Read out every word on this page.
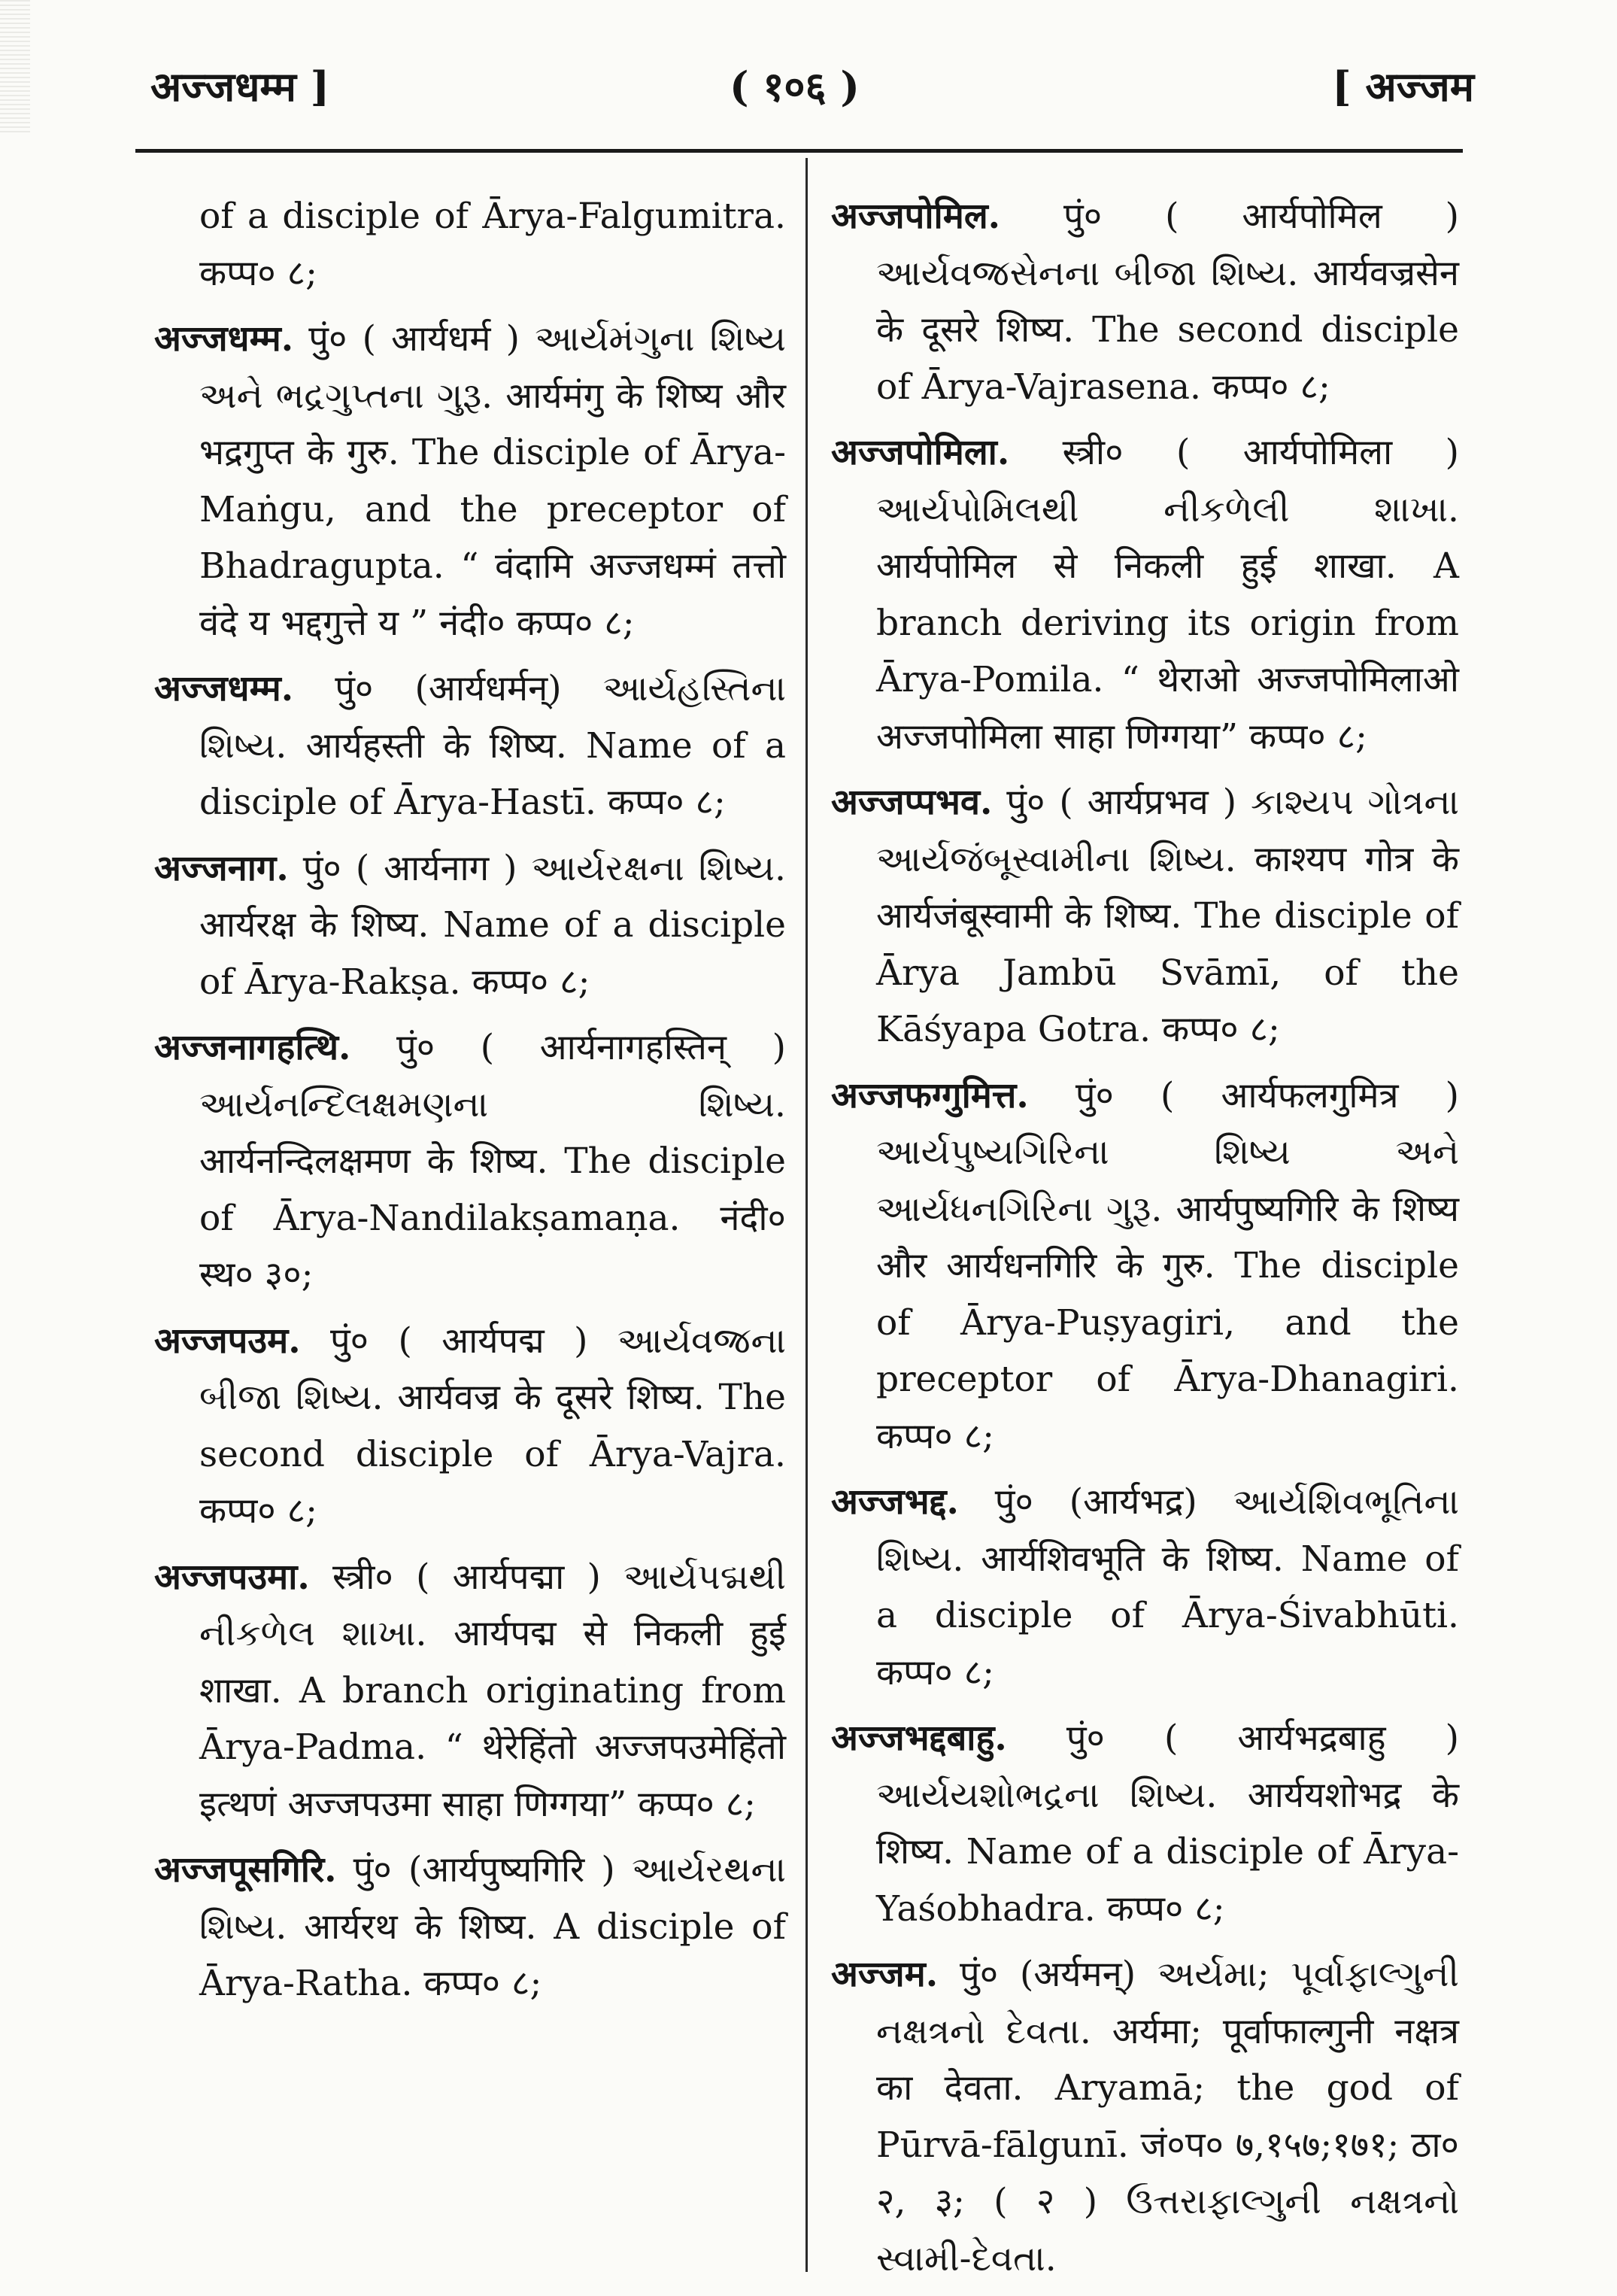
अज्जधम्म ]	( १०६ )	[ अज्जम

of a disciple of Ārya-Falgumitra. कप्प० ८;

अज्जधम्म. पुं० ( आर्यधर्म ) આર્યમંગુના શિષ્ય અને ભદ્રગુપ્તના ગુરૂ. आर्यमंगु के शिष्य और भद्रगुप्त के गुरु. The disciple of Ārya-Maṅgu, and the preceptor of Bhadragupta. “ वंदामि अज्जधम्मं तत्तो वंदे य भद्दगुत्ते य ” नंदी० कप्प० ८;

अज्जधम्म. पुं० (आर्यधर्मन्) આર્યહસ્તિના શિષ્ય. आर्यहस्ती के शिष्य. Name of a disciple of Ārya-Hastī. कप्प० ८;

अज्जनाग. पुं० ( आर्यनाग ) આર્યરક્ષના શિષ્ય. आर्यरक्ष के शिष्य. Name of a disciple of Ārya-Rakṣa. कप्प० ८;

अज्जनागहत्थि. पुं० ( आर्यनागहस्तिन् ) આર્યનન્દિલક્ષમણના શિષ્ય. आर्यनन्दिलक्षमण के शिष्य. The disciple of Ārya-Nandilakṣamaṇa. नंदी० स्थ० ३०;

अज्जपउम. पुं० ( आर्यपद्म ) આર્યવજ્રના બીજા શિષ્ય. आर्यवज्र के दूसरे शिष्य. The second disciple of Ārya-Vajra. कप्प० ८;

अज्जपउमा. स्त्री० ( आर्यपद्मा ) આર્યપદ્મથી નીકળેલ શાખા. आर्यपद्म से निकली हुई शाखा. A branch originating from Ārya-Padma. “ थेरेहिंतो अज्जपउमेहिंतो इत्थणं अज्जपउमा साहा णिग्गया” कप्प० ८;

अज्जपूसगिरि. पुं० (आर्यपुष्यगिरि ) આર્યરથના શિષ્ય. आर्यरथ के शिष्य. A disciple of Ārya-Ratha. कप्प० ८;

अज्जपोमिल. पुं० ( आर्यपोमिल ) આર્યવજ્રસેનના બીજા શિષ્ય. आर्यवज्रसेन के दूसरे शिष्य. The second disciple of Ārya-Vajrasena. कप्प० ८;

अज्जपोमिला. स्त्री० ( आर्यपोमिला ) આર્યપોમિલથી નીકળેલી શાખા. आर्यपोमिल से निकली हुई शाखा. A branch deriving its origin from Ārya-Pomila. “ थेराओ अज्जपोमिलाओ अज्जपोमिला साहा णिग्गया” कप्प० ८;

अज्जप्पभव. पुं० ( आर्यप्रभव ) કાશ્યપ ગોત્રના આર્યજંબૂસ્વામીના શિષ્ય. काश्यप गोत्र के आर्यजंबूस्वामी के शिष्य. The disciple of Ārya Jambū Svāmī, of the Kāśyapa Gotra. कप्प० ८;

अज्जफग्गुमित्त. पुं० ( आर्यफलगुमित्र ) આર્યપુષ્યગિરિના શિષ્ય અને આર્યધનગિરિના ગુરૂ. आर्यपुष्यगिरि के शिष्य और आर्यधनगिरि के गुरु. The disciple of Ārya-Puṣyagiri, and the preceptor of Ārya-Dhanagiri. कप्प० ८;

अज्जभद्द. पुं० (आर्यभद्र) આર્યશિવભૂતિના શિષ્ય. आर्यशिवभूति के शिष्य. Name of a disciple of Ārya-Śivabhūti. कप्प० ८;

अज्जभद्दबाहु. पुं० ( आर्यभद्रबाहु ) આર્યયશોભદ્રના શિષ્ય. आर्ययशोभद्र के शिष्य. Name of a disciple of Ārya-Yaśobhadra. कप्प० ८;

अज्जम. पुं० (अर्यमन्) અર્યમા; પૂર્વાફાલ્ગુની નક્ષત્રનો દેવતા. अर्यमा; पूर्वाफाल्गुनी नक्षत्र का देवता. Aryamā; the god of Pūrvā-fālgunī. जं०प० ७,१५७;१७१; ठा० २, ३; ( २ ) ઉત્તરાફાલ્ગુની નક્ષત્રનો સ્વામી-દેવતા.
